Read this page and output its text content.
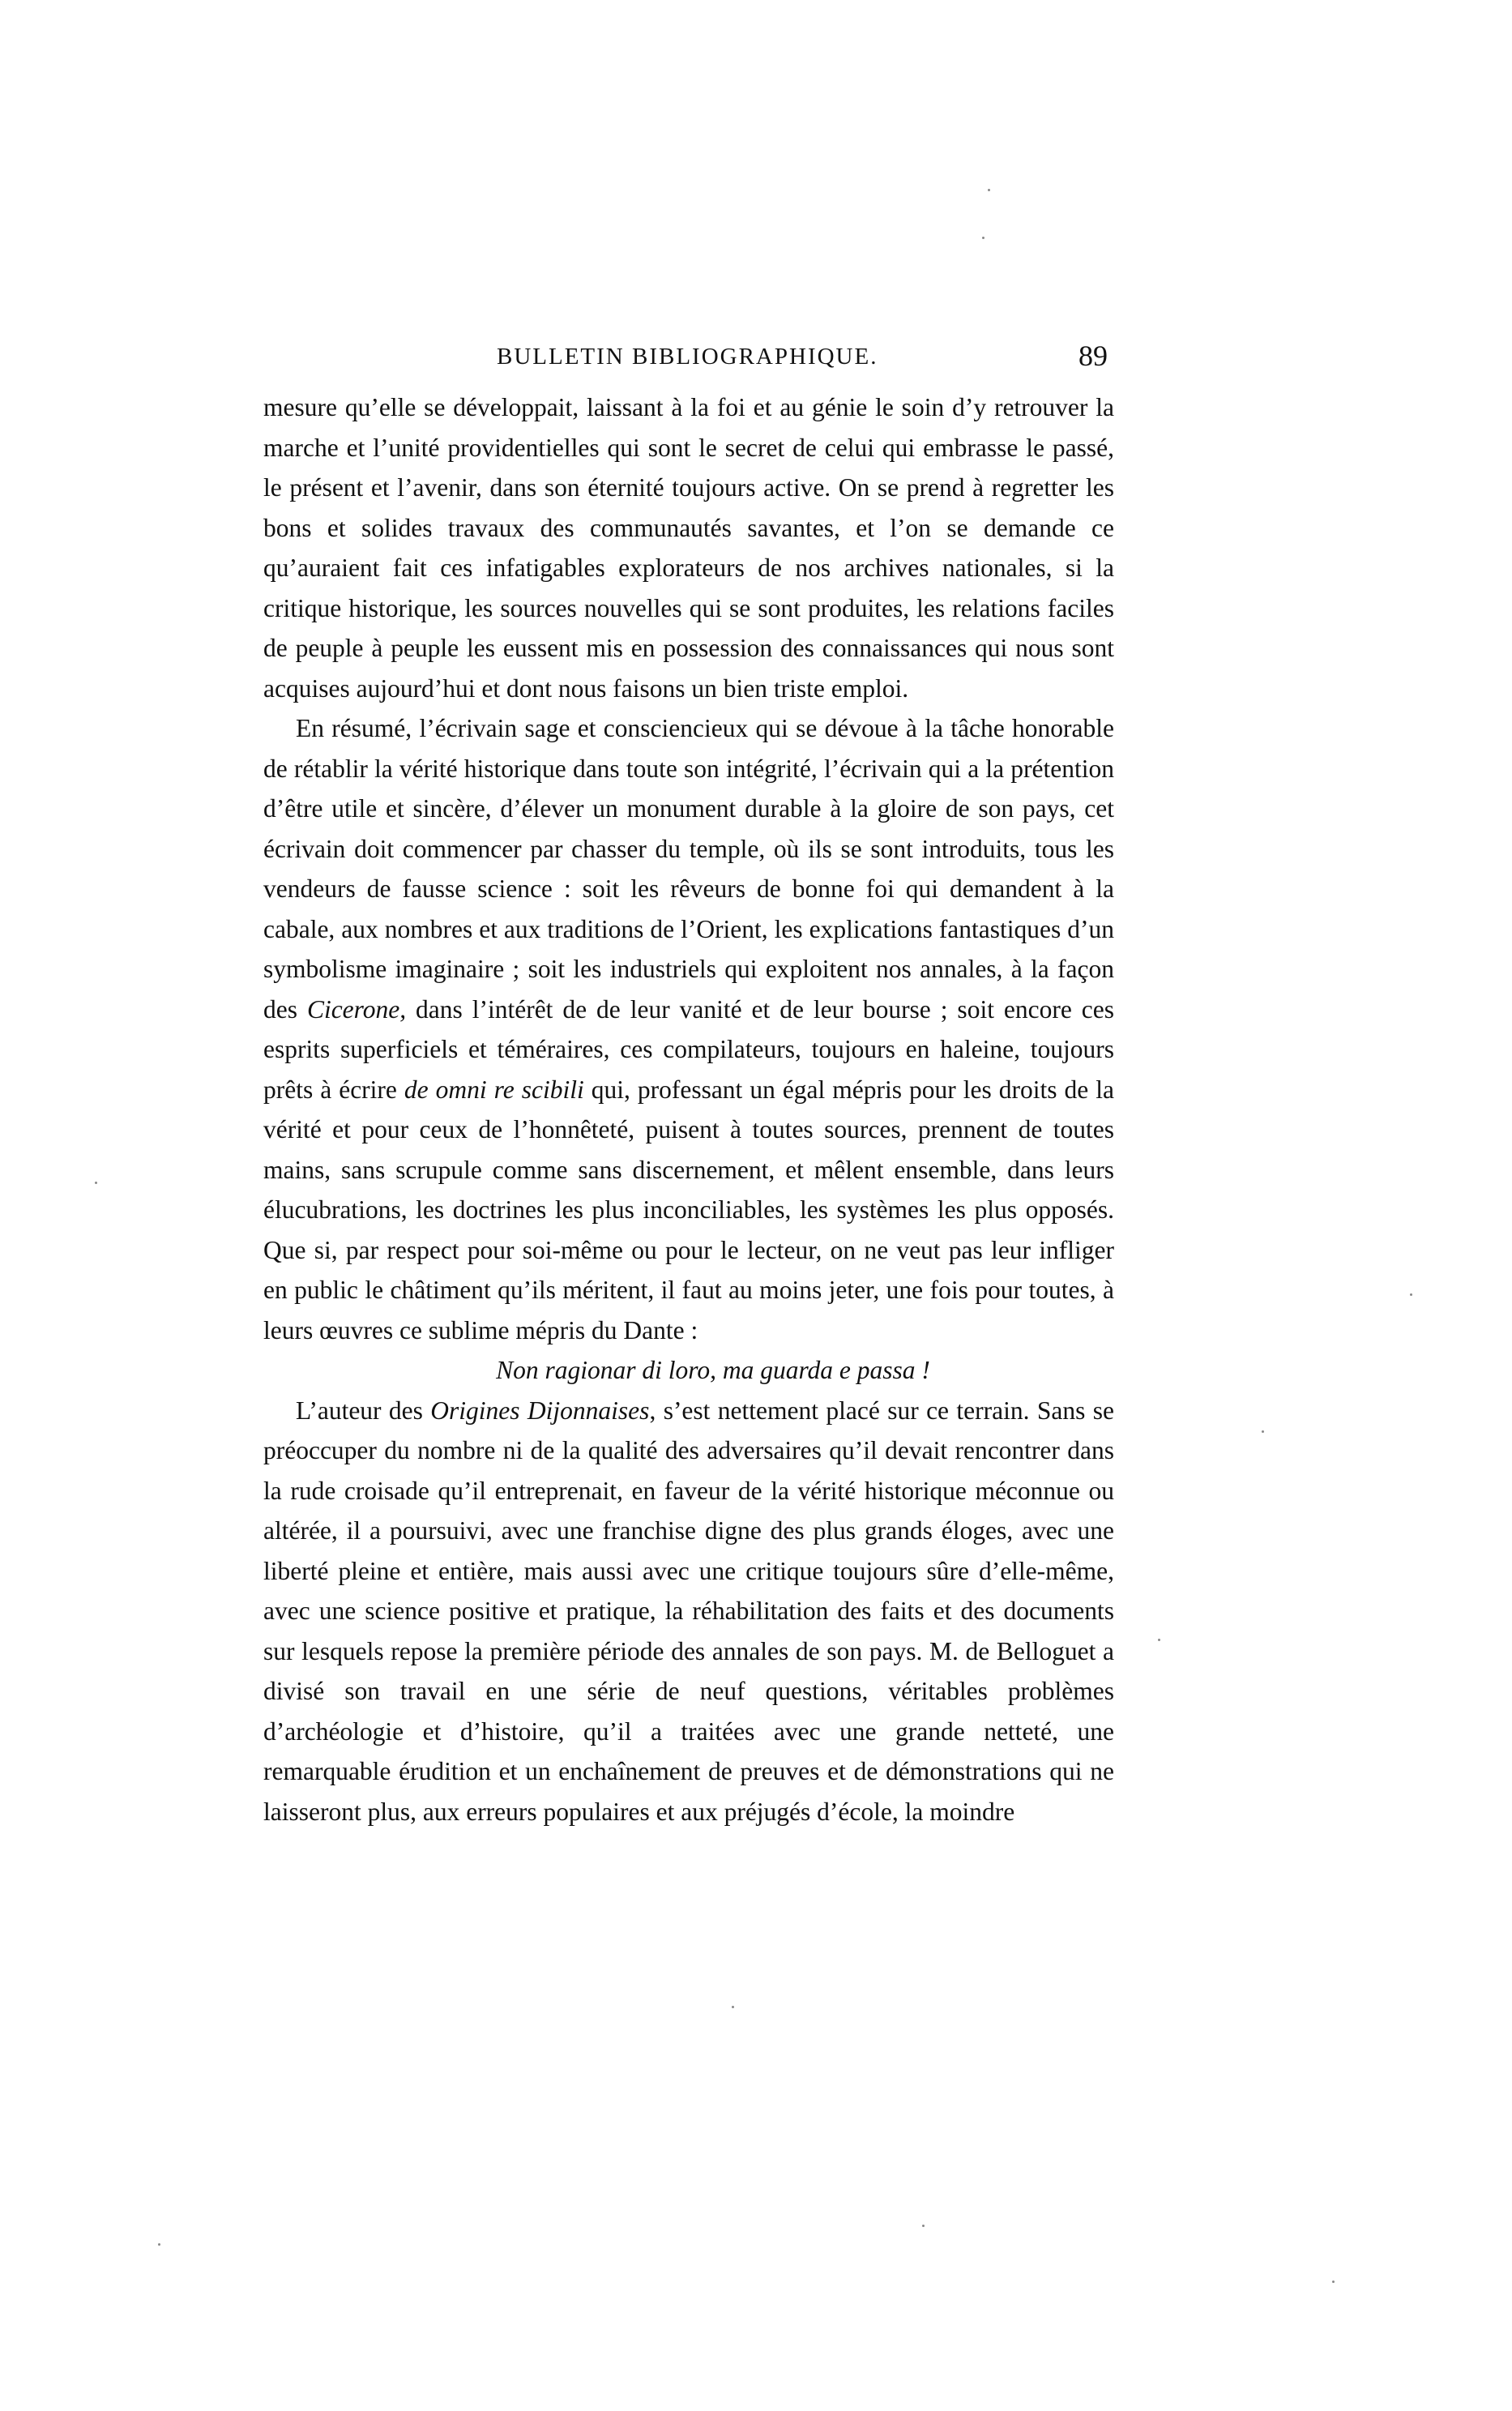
BULLETIN BIBLIOGRAPHIQUE.	89

mesure qu’elle se développait, laissant à la foi et au génie le soin d’y retrouver la marche et l’unité providentielles qui sont le secret de celui qui embrasse le passé, le présent et l’avenir, dans son éternité toujours active. On se prend à regretter les bons et solides travaux des communautés savantes, et l’on se demande ce qu’auraient fait ces infatigables explorateurs de nos archives nationales, si la critique historique, les sources nouvelles qui se sont produites, les relations faciles de peuple à peuple les eussent mis en possession des connaissances qui nous sont acquises aujourd’hui et dont nous faisons un bien triste emploi.

En résumé, l’écrivain sage et consciencieux qui se dévoue à la tâche honorable de rétablir la vérité historique dans toute son intégrité, l’écrivain qui a la prétention d’être utile et sincère, d’élever un monument durable à la gloire de son pays, cet écrivain doit commencer par chasser du temple, où ils se sont introduits, tous les vendeurs de fausse science : soit les rêveurs de bonne foi qui demandent à la cabale, aux nombres et aux traditions de l’Orient, les explications fantastiques d’un symbolisme imaginaire ; soit les industriels qui exploitent nos annales, à la façon des Cicerone, dans l’intérêt de de leur vanité et de leur bourse ; soit encore ces esprits superficiels et téméraires, ces compilateurs, toujours en haleine, toujours prêts à écrire de omni re scibili qui, professant un égal mépris pour les droits de la vérité et pour ceux de l’honnêteté, puisent à toutes sources, prennent de toutes mains, sans scrupule comme sans discernement, et mêlent ensemble, dans leurs élucubrations, les doctrines les plus inconciliables, les systèmes les plus opposés. Que si, par respect pour soi-même ou pour le lecteur, on ne veut pas leur infliger en public le châtiment qu’ils méritent, il faut au moins jeter, une fois pour toutes, à leurs œuvres ce sublime mépris du Dante :

Non ragionar di loro, ma guarda e passa !

L’auteur des Origines Dijonnaises, s’est nettement placé sur ce terrain. Sans se préoccuper du nombre ni de la qualité des adversaires qu’il devait rencontrer dans la rude croisade qu’il entreprenait, en faveur de la vérité historique méconnue ou altérée, il a poursuivi, avec une franchise digne des plus grands éloges, avec une liberté pleine et entière, mais aussi avec une critique toujours sûre d’elle-même, avec une science positive et pratique, la réhabilitation des faits et des documents sur lesquels repose la première période des annales de son pays. M. de Belloguet a divisé son travail en une série de neuf questions, véritables problèmes d’archéologie et d’histoire, qu’il a traitées avec une grande netteté, une remarquable érudition et un enchaînement de preuves et de démonstrations qui ne laisseront plus, aux erreurs populaires et aux préjugés d’école, la moindre
